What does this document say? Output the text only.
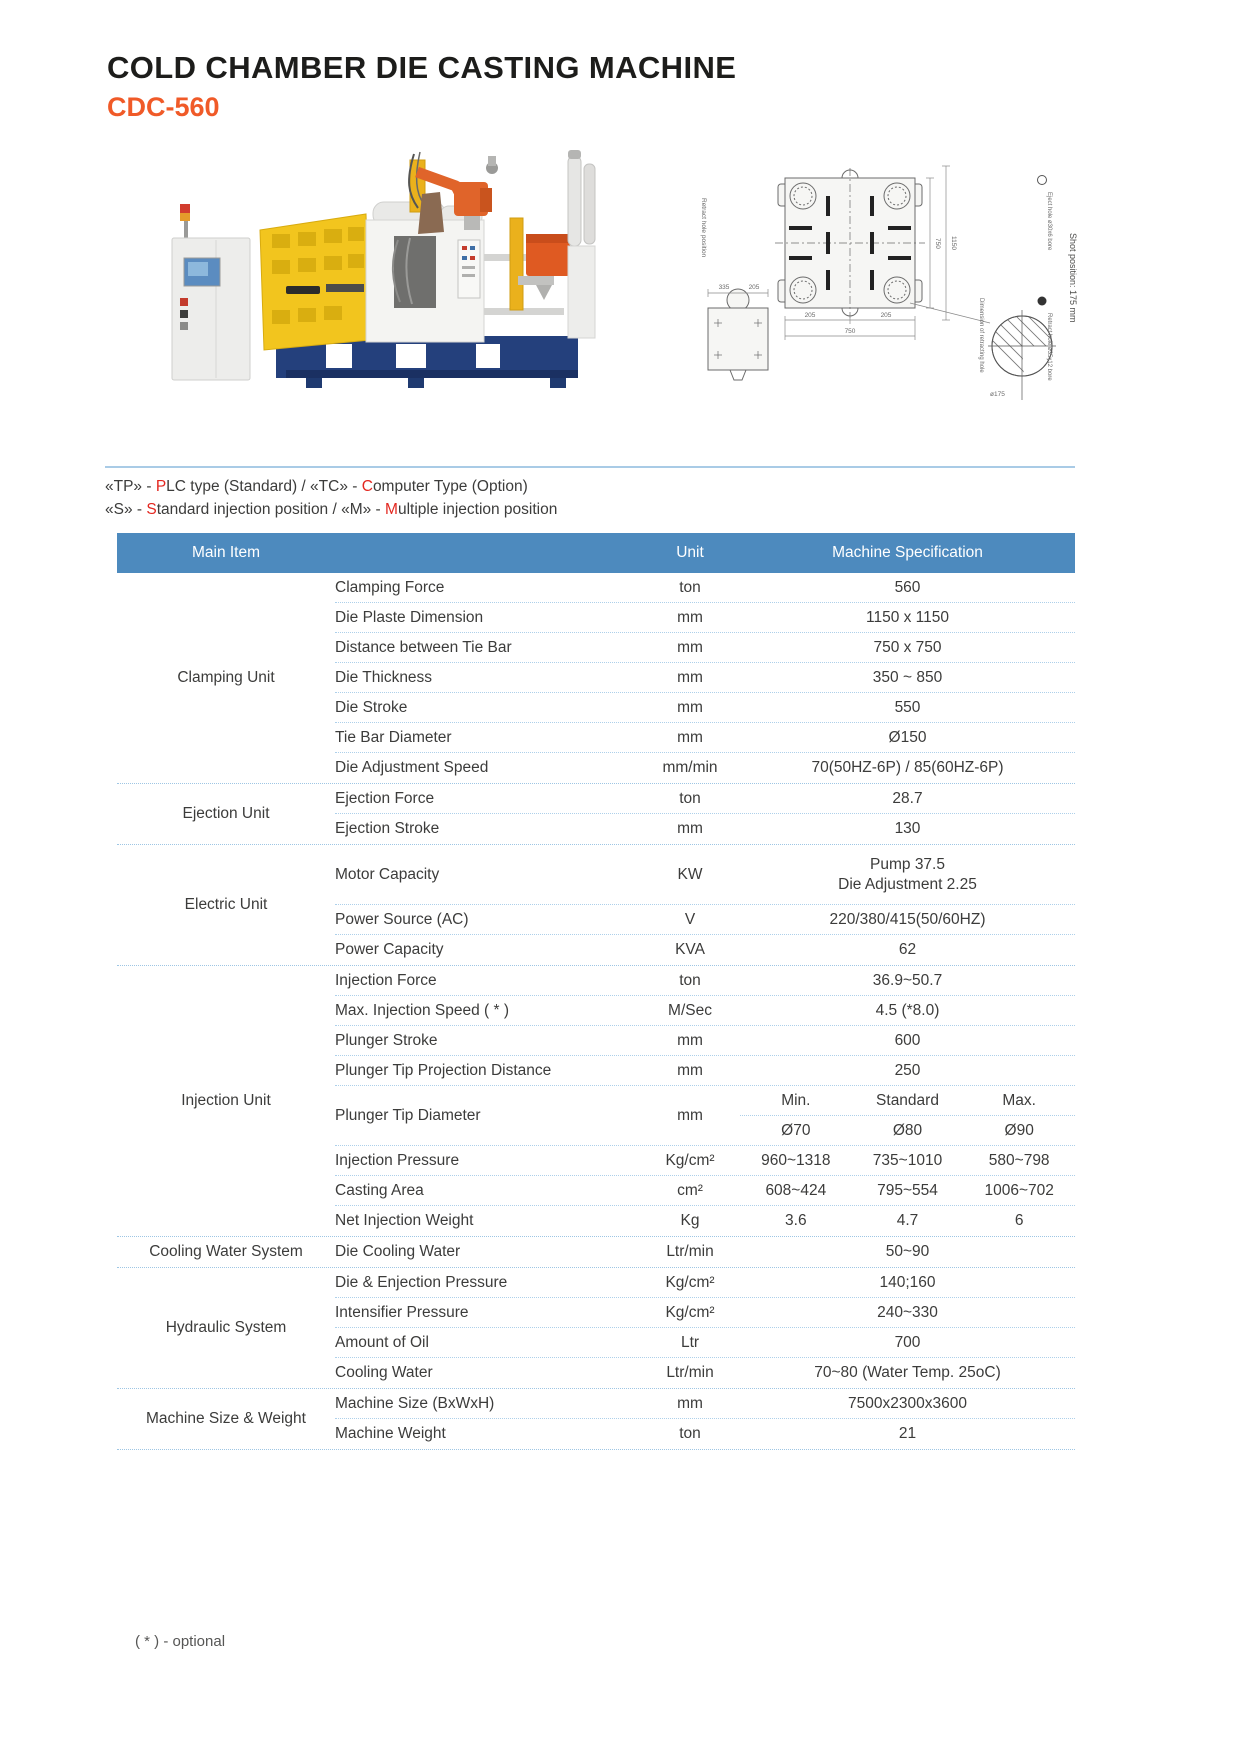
COLD CHAMBER DIE CASTING MACHINE
CDC-560
205	205
750
750 1150
335	205
ø175
Retract hole position
Dimension of retracting hole
Eject hole ø30x6 bore
Shot position: 175 mm
Retract hole ø35x12 bore

«TP» - PLC type (Standard) / «TC» - Computer Type (Option)

«S» - Standard injection position / «M» - Multiple injection position

Main Item	Unit	Machine Specification
Clamping Unit
Clamping Force	ton	560
Die Plaste Dimension	mm	1150 x 1150
Distance between Tie Bar	mm	750 x 750
Die Thickness	mm	350 ~ 850
Die Stroke	mm	550
Tie Bar Diameter	mm	Ø150
Die Adjustment Speed	mm/min	70(50HZ-6P) / 85(60HZ-6P)
Ejection Unit
Ejection Force	ton	28.7
Ejection Stroke	mm	130
Electric Unit
Motor Capacity	KW
Pump 37.5
Die Adjustment 2.25
Power Source (AC)	V	220/380/415(50/60HZ)
Power Capacity	KVA	62
Injection Unit
Injection Force	ton	36.9~50.7
Max. Injection Speed ( * )	M/Sec	4.5 (*8.0)
Plunger Stroke	mm	600
Plunger Tip Projection Distance	mm	250
Plunger Tip Diameter	mm
Min.	Standard	Max.
Ø70	Ø80	Ø90
Injection Pressure	Kg/cm²	960~1318	735~1010	580~798
Casting Area	cm²	608~424	795~554	1006~702
Net Injection Weight	Kg	3.6	4.7	6
Cooling Water System	Die Cooling Water	Ltr/min	50~90
Hydraulic System
Die & Enjection Pressure	Kg/cm²	140;160
Intensifier Pressure	Kg/cm²	240~330
Amount of Oil	Ltr	700
Cooling Water	Ltr/min	70~80 (Water Temp. 25oC)
Machine Size & Weight
Machine Size (BxWxH)	mm	7500x2300x3600
Machine Weight	ton	21

( * ) - optional
